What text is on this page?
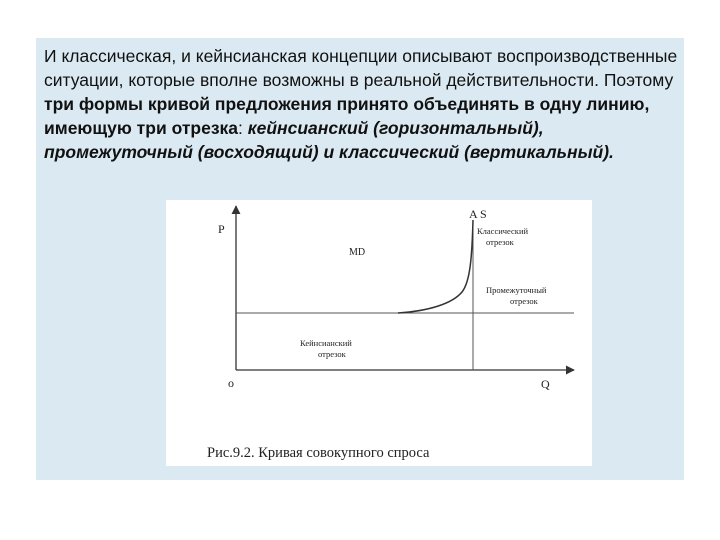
И классическая, и кейнсианская концепции описывают воспроизводственные ситуации, которые вполне возможны в реальной действительности. Поэтому три формы кривой предложения принято объединять в одну линию, имеющую три отрезка: кейнсианский (горизонтальный), промежуточный (восходящий) и классический (вертикальный).
P
Q
o
A S
MD
Классический
отрезок
Промежуточный
отрезок
Кейнсианский
отрезок
Рис.9.2. Кривая совокупного спроса
